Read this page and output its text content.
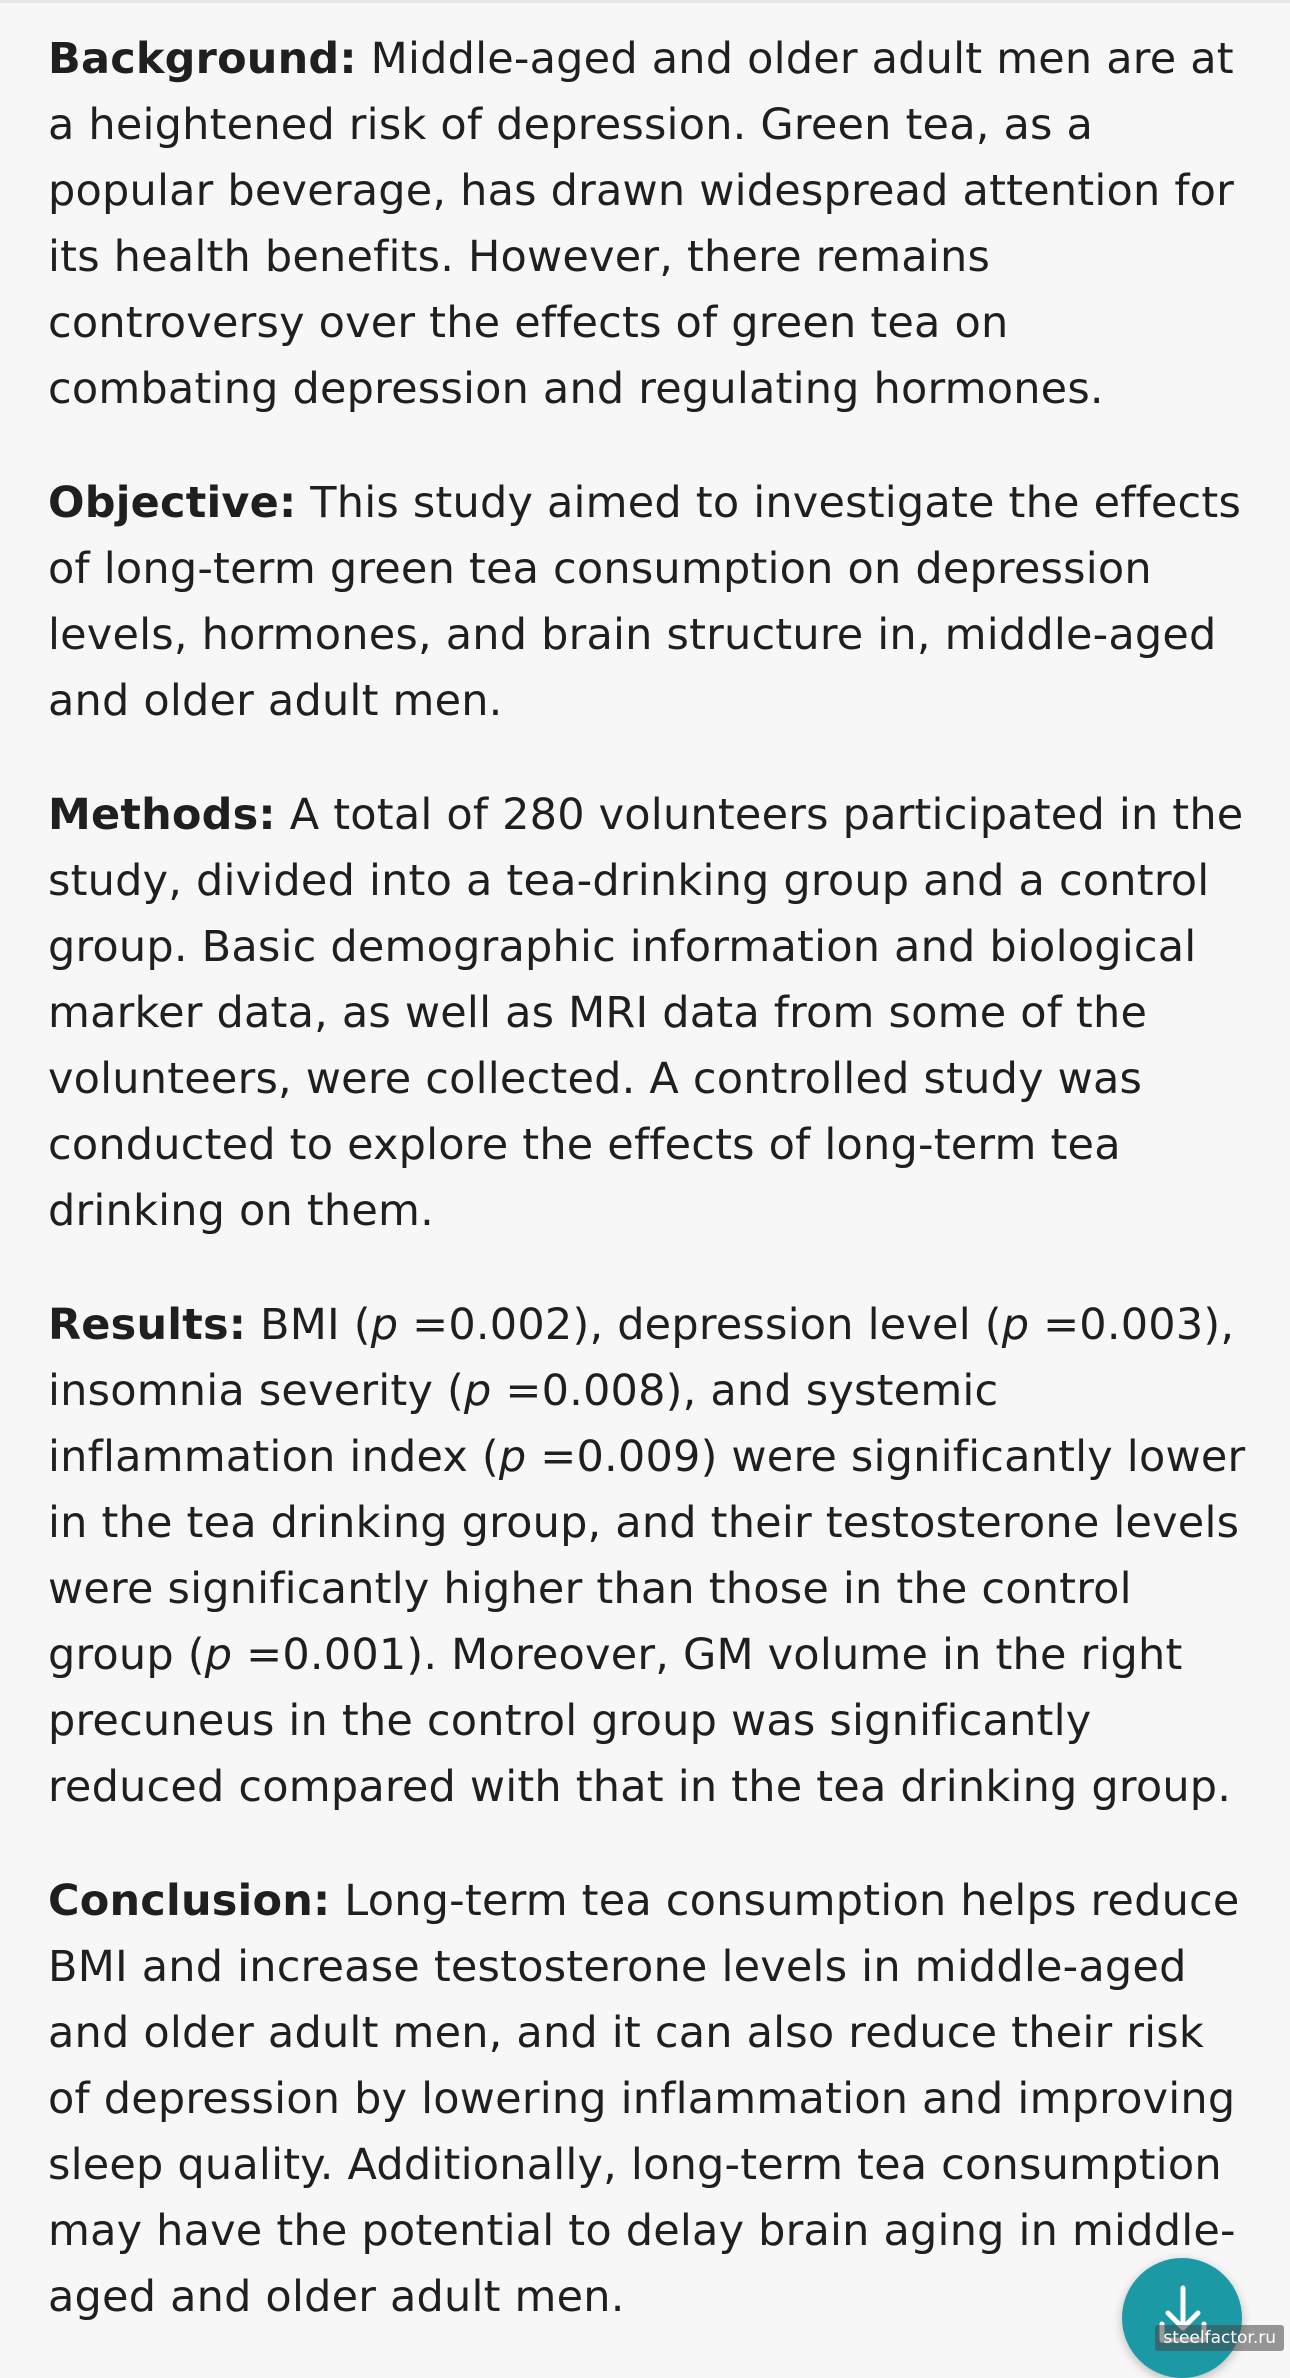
Background: Middle-aged and older adult men are at a heightened risk of depression. Green tea, as a popular beverage, has drawn widespread attention for its health benefits. However, there remains controversy over the effects of green tea on combating depression and regulating hormones.

Objective: This study aimed to investigate the effects of long-term green tea consumption on depression levels, hormones, and brain structure in, middle-aged and older adult men.

Methods: A total of 280 volunteers participated in the study, divided into a tea-drinking group and a control group. Basic demographic information and biological marker data, as well as MRI data from some of the volunteers, were collected. A controlled study was conducted to explore the effects of long-term tea drinking on them.

Results: BMI (p =0.002), depression level (p =0.003), insomnia severity (p =0.008), and systemic inflammation index (p =0.009) were significantly lower in the tea drinking group, and their testosterone levels were significantly higher than those in the control group (p =0.001). Moreover, GM volume in the right precuneus in the control group was significantly reduced compared with that in the tea drinking group.

Conclusion: Long-term tea consumption helps reduce BMI and increase testosterone levels in middle-aged and older adult men, and it can also reduce their risk of depression by lowering inflammation and improving sleep quality. Additionally, long-term tea consumption may have the potential to delay brain aging in middle-aged and older adult men.

steelfactor.ru
